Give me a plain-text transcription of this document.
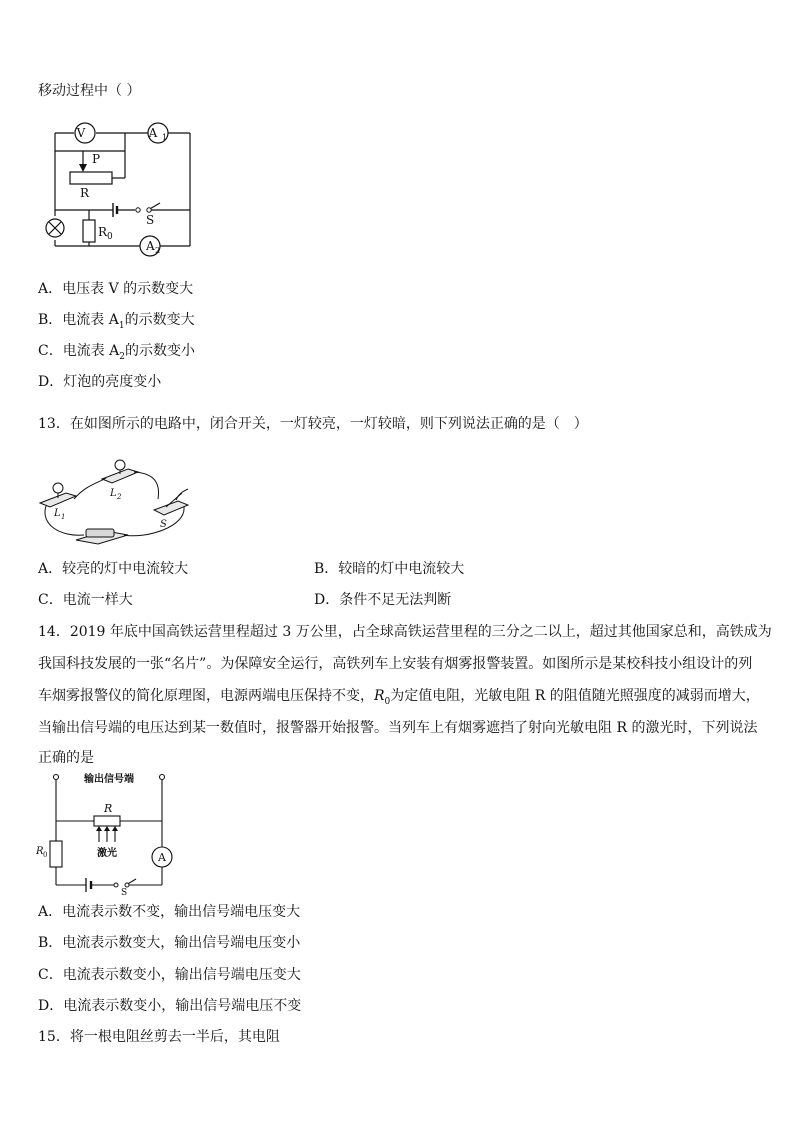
移动过程中（ ）
V	A 1
P
R
S
R 0
A 2
A．电压表 V 的示数变大
B．电流表 $A_1$的示数变大
C．电流表 $A_2$的示数变小
D．灯泡的亮度变小
13．在如图所示的电路中，闭合开关，一灯较亮，一灯较暗，则下列说法正确的是（　）
L 1
L 2
S
A．较亮的灯中电流较大	B．较暗的灯中电流较大
C．电流一样大	D．条件不足无法判断
14．2019 年底中国高铁运营里程超过 3 万公里，占全球高铁运营里程的三分之二以上，超过其他国家总和，高铁成为
我国科技发展的一张“名片”。为保障安全运行，高铁列车上安装有烟雾报警装置。如图所示是某校科技小组设计的列
车烟雾报警仪的简化原理图，电源两端电压保持不变，$R_0$为定值电阻，光敏电阻 R 的阻值随光照强度的减弱而增大，
当输出信号端的电压达到某一数值时，报警器开始报警。当列车上有烟雾遮挡了射向光敏电阻 R 的激光时，下列说法
正确的是
输出信号端
R
激光
R 0	A
S
A．电流表示数不变，输出信号端电压变大
B．电流表示数变大，输出信号端电压变小
C．电流表示数变小，输出信号端电压变大
D．电流表示数变小，输出信号端电压不变
15．将一根电阻丝剪去一半后，其电阻
